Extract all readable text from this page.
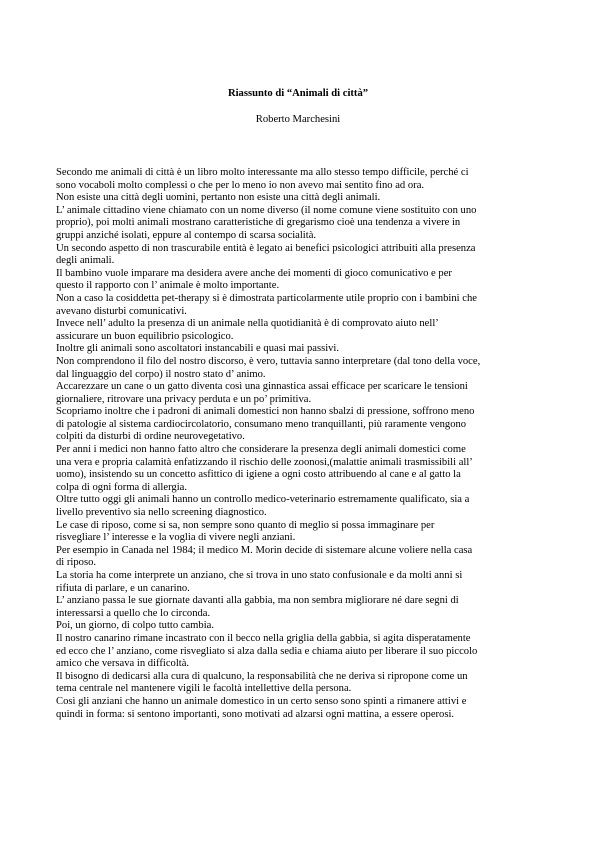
Riassunto di “Animali di città”
Roberto Marchesini

Secondo me animali di città è un libro molto interessante ma allo stesso tempo difficile, perché ci

sono vocaboli molto complessi o che per lo meno io non avevo mai sentito fino ad ora.

Non esiste una città degli uomini, pertanto non esiste una città degli animali.

L’ animale cittadino viene chiamato con un nome diverso (il nome comune viene sostituito con uno

proprio), poi molti animali mostrano caratteristiche di gregarismo cioè una tendenza a vivere in

gruppi anziché isolati, eppure al contempo di scarsa socialità.

Un secondo aspetto di non trascurabile entità è legato ai benefici psicologici attribuiti alla presenza

degli animali.

Il bambino vuole imparare ma desidera avere anche dei momenti di gioco comunicativo e per

questo il rapporto con l’ animale è molto importante.

Non a caso la cosiddetta pet-therapy si è dimostrata particolarmente utile proprio con i bambini che

avevano disturbi comunicativi.

Invece nell’ adulto la presenza di un animale nella quotidianità è di comprovato aiuto nell’

assicurare un buon equilibrio psicologico.

Inoltre gli animali sono ascoltatori instancabili e quasi mai passivi.

Non comprendono il filo del nostro discorso, è vero, tuttavia sanno interpretare (dal tono della voce,

dal linguaggio del corpo) il nostro stato d’ animo.

Accarezzare un cane o un gatto diventa così una ginnastica assai efficace per scaricare le tensioni

giornaliere, ritrovare una privacy perduta e un po’ primitiva.

Scopriamo inoltre che i padroni di animali domestici non hanno sbalzi di pressione, soffrono meno

di patologie al sistema cardiocircolatorio, consumano meno tranquillanti, più raramente vengono

colpiti da disturbi di ordine neurovegetativo.

Per anni i medici non hanno fatto altro che considerare la presenza degli animali domestici come

una vera e propria calamità enfatizzando il rischio delle zoonosi,(malattie animali trasmissibili all’

uomo), insistendo su un concetto asfittico di igiene a ogni costo attribuendo al cane e al gatto la

colpa di ogni forma di allergia.

Oltre tutto oggi gli animali hanno un controllo medico-veterinario estremamente qualificato, sia a

livello preventivo sia nello screening diagnostico.

Le case di riposo, come si sa, non sempre sono quanto di meglio si possa immaginare per

risvegliare l’ interesse e la voglia di vivere negli anziani.

Per esempio in Canada nel 1984; il medico M. Morin decide di sistemare alcune voliere nella casa

di riposo.

La storia ha come interprete un anziano, che si trova in uno stato confusionale e da molti anni si

rifiuta di parlare, e un canarino.

L’ anziano passa le sue giornate davanti alla gabbia, ma non sembra migliorare né dare segni di

interessarsi a quello che lo circonda.

Poi, un giorno, di colpo tutto cambia.

Il nostro canarino rimane incastrato con il becco nella griglia della gabbia, si agita disperatamente

ed ecco che l’ anziano, come risvegliato si alza dalla sedia e chiama aiuto per liberare il suo piccolo

amico che versava in difficoltà.

Il bisogno di dedicarsi alla cura di qualcuno, la responsabilità che ne deriva si ripropone come un

tema centrale nel mantenere vigili le facoltà intellettive della persona.

Così gli anziani che hanno un animale domestico in un certo senso sono spinti a rimanere attivi e

quindi in forma: si sentono importanti, sono motivati ad alzarsi ogni mattina, a essere operosi.
